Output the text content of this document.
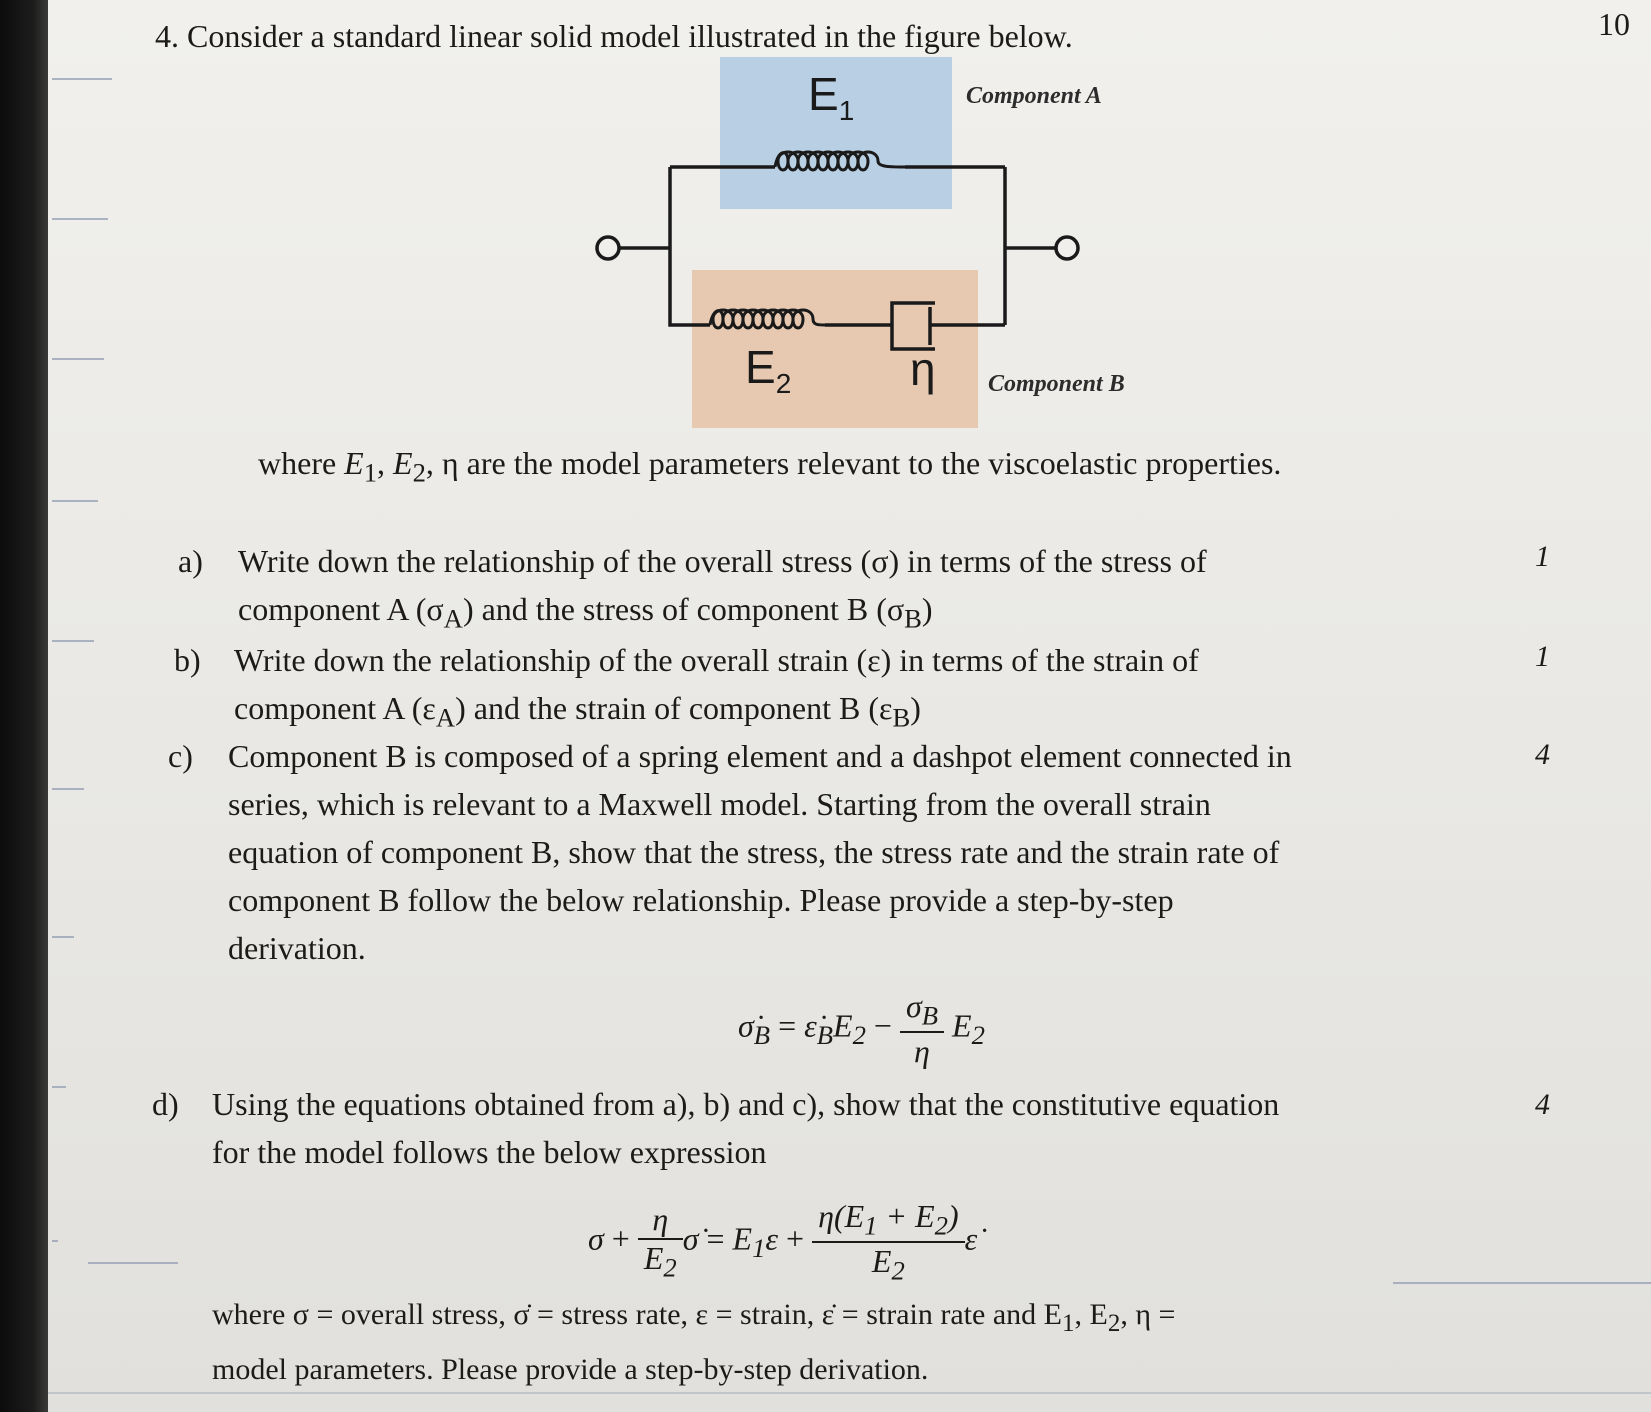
4. Consider a standard linear solid model illustrated in the figure below.	10
$E_1$
$E_2$	η
Component A
Component B
where $E_1$, $E_2$, η are the model parameters relevant to the viscoelastic properties.
a) Write down the relationship of the overall stress (σ) in terms of the stress of
component A $(\sigma_A)$ and the stress of component B $(\sigma_B)$
1
b) Write down the relationship of the overall strain (ε) in terms of the strain of
component A $(\varepsilon_A)$ and the strain of component B $(\varepsilon_B)$
1
c) Component B is composed of a spring element and a dashpot element connected in
series, which is relevant to a Maxwell model. Starting from the overall strain
equation of component B, show that the stress, the stress rate and the strain rate of
component B follow the below relationship. Please provide a step-by-step
derivation.
4
$\sigmȧ_B$ = $\varepsiloṅ_BE_2 - \frac{\sigma_B}{\eta} E_2$
d) Using the equations obtained from a), b) and c), show that the constitutive equation
for the model follows the below expression
4
$\sigma + \frac{\eta}{E_2}$ σ̇ = $E_1\varepsilon + \frac{\eta(E_1 + E_2)}{E_2}$ ε̇
where σ = overall stress, σ̇ = stress rate, ε = strain, ε̇ = strain rate and $E_1$, $E_2$, η =
model parameters. Please provide a step-by-step derivation.
